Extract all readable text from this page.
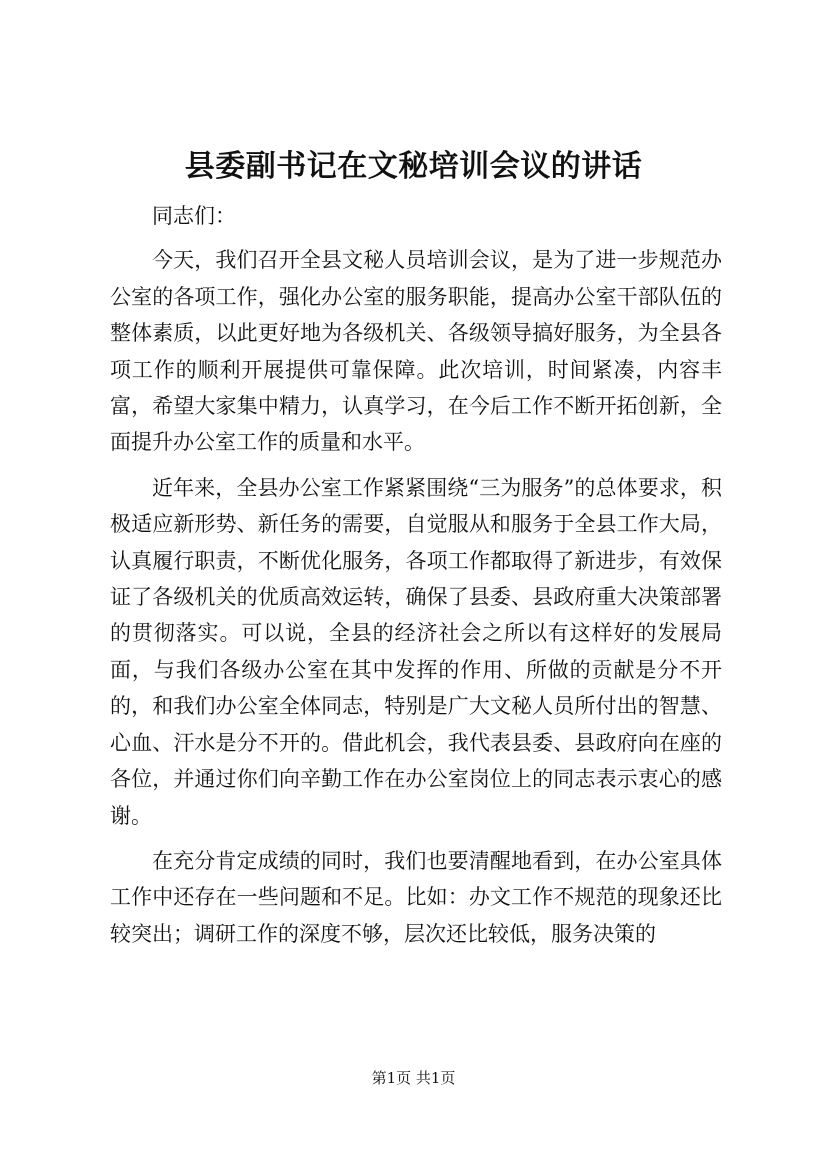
县委副书记在文秘培训会议的讲话

同志们：

今天，我们召开全县文秘人员培训会议，是为了进一步规范办公室的各项工作，强化办公室的服务职能，提高办公室干部队伍的整体素质，以此更好地为各级机关、各级领导搞好服务，为全县各项工作的顺利开展提供可靠保障。此次培训，时间紧凑，内容丰富，希望大家集中精力，认真学习，在今后工作不断开拓创新，全面提升办公室工作的质量和水平。

近年来，全县办公室工作紧紧围绕“三为服务”的总体要求，积极适应新形势、新任务的需要，自觉服从和服务于全县工作大局，认真履行职责，不断优化服务，各项工作都取得了新进步，有效保证了各级机关的优质高效运转，确保了县委、县政府重大决策部署的贯彻落实。可以说，全县的经济社会之所以有这样好的发展局面，与我们各级办公室在其中发挥的作用、所做的贡献是分不开的，和我们办公室全体同志，特别是广大文秘人员所付出的智慧、心血、汗水是分不开的。借此机会，我代表县委、县政府向在座的各位，并通过你们向辛勤工作在办公室岗位上的同志表示衷心的感谢。

在充分肯定成绩的同时，我们也要清醒地看到，在办公室具体工作中还存在一些问题和不足。比如：办文工作不规范的现象还比较突出；调研工作的深度不够，层次还比较低，服务决策的

第1页 共1页
